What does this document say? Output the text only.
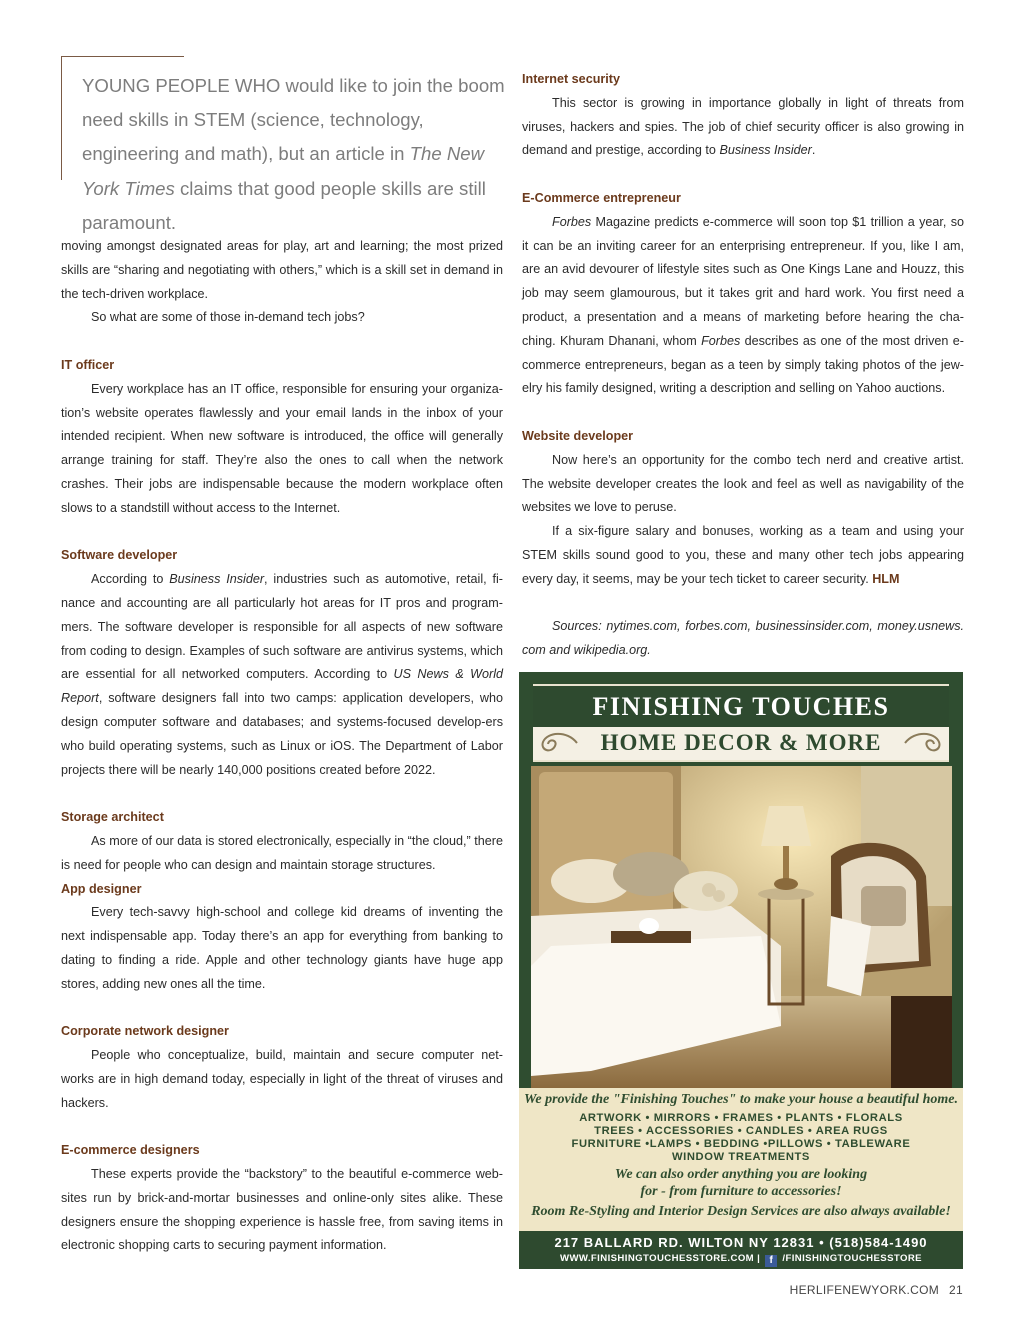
YOUNG PEOPLE WHO would like to join the boom need skills in STEM (science, technology, engineering and math), but an article in The New York Times claims that good people skills are still paramount.

moving amongst designated areas for play, art and learning; the most prized skills are “sharing and negotiating with others,” which is a skill set in demand in the tech-driven workplace.

So what are some of those in-demand tech jobs?

IT officer

Every workplace has an IT office, responsible for ensuring your organiza-tion’s website operates flawlessly and your email lands in the inbox of your intended recipient. When new software is introduced, the office will generally arrange training for staff. They’re also the ones to call when the network crashes. Their jobs are indispensable because the modern workplace often slows to a standstill without access to the Internet.

Software developer

According to Business Insider, industries such as automotive, retail, fi-nance and accounting are all particularly hot areas for IT pros and program-mers. The software developer is responsible for all aspects of new software from coding to design. Examples of such software are antivirus systems, which are essential for all networked computers. According to US News & World Report, software designers fall into two camps: application developers, who design computer software and databases; and systems-focused develop-ers who build operating systems, such as Linux or iOS. The Department of Labor projects there will be nearly 140,000 positions created before 2022.

Storage architect

As more of our data is stored electronically, especially in “the cloud,” there is need for people who can design and maintain storage structures.

App designer

Every tech-savvy high-school and college kid dreams of inventing the next indispensable app. Today there’s an app for everything from banking to dating to finding a ride. Apple and other technology giants have huge app stores, adding new ones all the time.

Corporate network designer

People who conceptualize, build, maintain and secure computer net-works are in high demand today, especially in light of the threat of viruses and hackers.

E-commerce designers

These experts provide the “backstory” to the beautiful e-commerce web-sites run by brick-and-mortar businesses and online-only sites alike. These designers ensure the shopping experience is hassle free, from saving items in electronic shopping carts to securing payment information.

Internet security

This sector is growing in importance globally in light of threats from viruses, hackers and spies. The job of chief security officer is also growing in demand and prestige, according to Business Insider.

E-Commerce entrepreneur

Forbes Magazine predicts e-commerce will soon top $1 trillion a year, so it can be an inviting career for an enterprising entrepreneur. If you, like I am, are an avid devourer of lifestyle sites such as One Kings Lane and Houzz, this job may seem glamourous, but it takes grit and hard work. You first need a product, a presentation and a means of marketing before hearing the cha-ching. Khuram Dhanani, whom Forbes describes as one of the most driven e-commerce entrepreneurs, began as a teen by simply taking photos of the jew-elry his family designed, writing a description and selling on Yahoo auctions.

Website developer

Now here’s an opportunity for the combo tech nerd and creative artist. The website developer creates the look and feel as well as navigability of the websites we love to peruse.

If a six-figure salary and bonuses, working as a team and using your STEM skills sound good to you, these and many other tech jobs appearing every day, it seems, may be your tech ticket to career security. HLM

Sources: nytimes.com, forbes.com, businessinsider.com, money.usnews. com and wikipedia.org.

FINISHING TOUCHES
HOME DECOR & MORE
We provide the "Finishing Touches" to make your house a beautiful home.
ARTWORK • MIRRORS • FRAMES • PLANTS • FLORALS
TREES • ACCESSORIES • CANDLES • AREA RUGS
FURNITURE •LAMPS • BEDDING •PILLOWS • TABLEWARE
WINDOW TREATMENTS
We can also order anything you are looking
for - from furniture to accessories!
Room Re-Styling and Interior Design Services are also always available!
217 BALLARD RD. WILTON NY 12831 • (518)584-1490
WWW.FINISHINGTOUCHESSTORE.COM | f /FINISHINGTOUCHESSTORE
HERLIFENEWYORK.COM 21
